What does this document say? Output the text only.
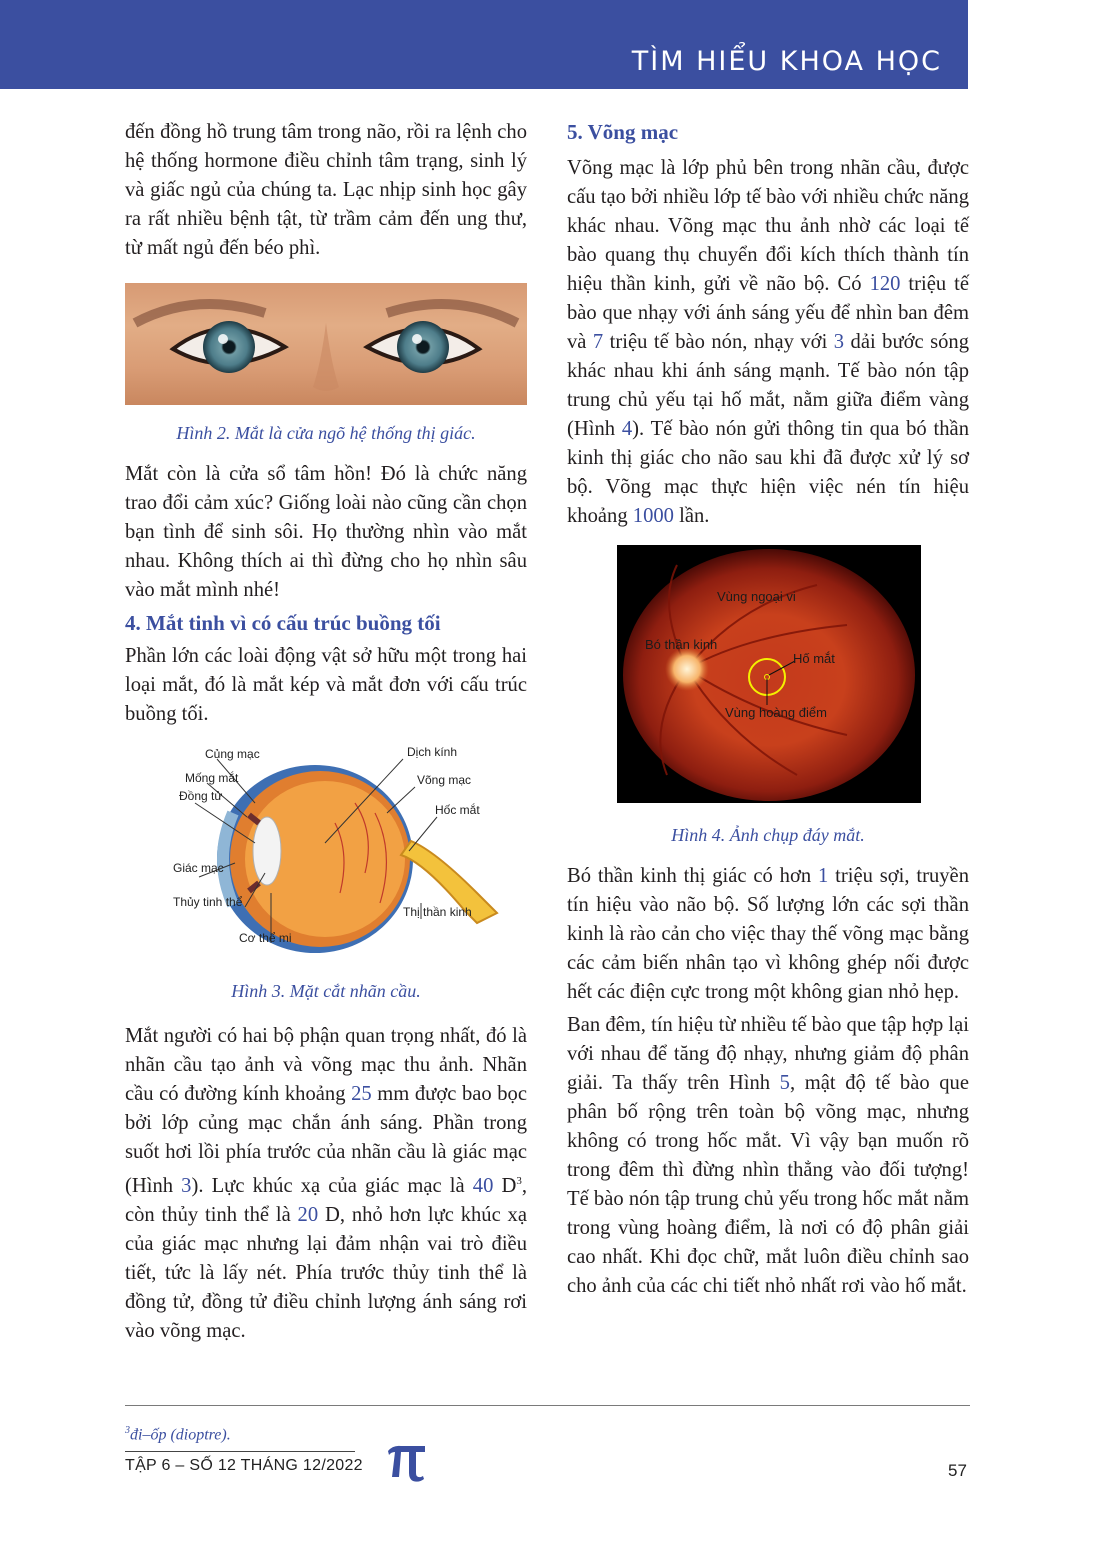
TÌM HIỂU KHOA HỌC

đến đồng hồ trung tâm trong não, rồi ra lệnh cho hệ thống hormone điều chỉnh tâm trạng, sinh lý và giấc ngủ của chúng ta. Lạc nhịp sinh học gây ra rất nhiều bệnh tật, từ trầm cảm đến ung thư, từ mất ngủ đến béo phì.

Hình 2. Mắt là cửa ngõ hệ thống thị giác.

Mắt còn là cửa sổ tâm hồn! Đó là chức năng trao đổi cảm xúc? Giống loài nào cũng cần chọn bạn tình để sinh sôi. Họ thường nhìn vào mắt nhau. Không thích ai thì đừng cho họ nhìn sâu vào mắt mình nhé!

4. Mắt tinh vì có cấu trúc buồng tối

Phần lớn các loài động vật sở hữu một trong hai loại mắt, đó là mắt kép và mắt đơn với cấu trúc buồng tối.

Củng mạc
Mống mắt
Đồng tử
Giác mạc
Thủy tinh thể
Cơ thể mi
Dịch kính
Võng mạc
Hốc mắt
Thị thần kinh
Hình 3. Mặt cắt nhãn cầu.

Mắt người có hai bộ phận quan trọng nhất, đó là nhãn cầu tạo ảnh và võng mạc thu ảnh. Nhãn cầu có đường kính khoảng 25 mm được bao bọc bởi lớp củng mạc chắn ánh sáng. Phần trong suốt hơi lồi phía trước của nhãn cầu là giác mạc (Hình 3). Lực khúc xạ của giác mạc là 40 $D^3$, còn thủy tinh thể là 20 D, nhỏ hơn lực khúc xạ của giác mạc nhưng lại đảm nhận vai trò điều tiết, tức là lấy nét. Phía trước thủy tinh thể là đồng tử, đồng tử điều chỉnh lượng ánh sáng rơi vào võng mạc.

5. Võng mạc

Võng mạc là lớp phủ bên trong nhãn cầu, được cấu tạo bởi nhiều lớp tế bào với nhiều chức năng khác nhau. Võng mạc thu ảnh nhờ các loại tế bào quang thụ chuyển đổi kích thích thành tín hiệu thần kinh, gửi về não bộ. Có 120 triệu tế bào que nhạy với ánh sáng yếu để nhìn ban đêm và 7 triệu tế bào nón, nhạy với 3 dải bước sóng khác nhau khi ánh sáng mạnh. Tế bào nón tập trung chủ yếu tại hố mắt, nằm giữa điểm vàng (Hình 4). Tế bào nón gửi thông tin qua bó thần kinh thị giác cho não sau khi đã được xử lý sơ bộ. Võng mạc thực hiện việc nén tín hiệu khoảng 1000 lần.

Vùng ngoại vi
Bó thần kinh
Hố mắt
Vùng hoàng điểm
Hình 4. Ảnh chụp đáy mắt.

Bó thần kinh thị giác có hơn 1 triệu sợi, truyền tín hiệu vào não bộ. Số lượng lớn các sợi thần kinh là rào cản cho việc thay thế võng mạc bằng các cảm biến nhân tạo vì không ghép nối được hết các điện cực trong một không gian nhỏ hẹp.

Ban đêm, tín hiệu từ nhiều tế bào que tập hợp lại với nhau để tăng độ nhạy, nhưng giảm độ phân giải. Ta thấy trên Hình 5, mật độ tế bào que phân bố rộng trên toàn bộ võng mạc, nhưng không có trong hốc mắt. Vì vậy bạn muốn rõ trong đêm thì đừng nhìn thẳng vào đối tượng! Tế bào nón tập trung chủ yếu trong hốc mắt nằm trong vùng hoàng điểm, là nơi có độ phân giải cao nhất. Khi đọc chữ, mắt luôn điều chỉnh sao cho ảnh của các chi tiết nhỏ nhất rơi vào hố mắt.

$^3$đi–ốp (dioptre).
TẬP 6 – SỐ 12 THÁNG 12/2022	57
